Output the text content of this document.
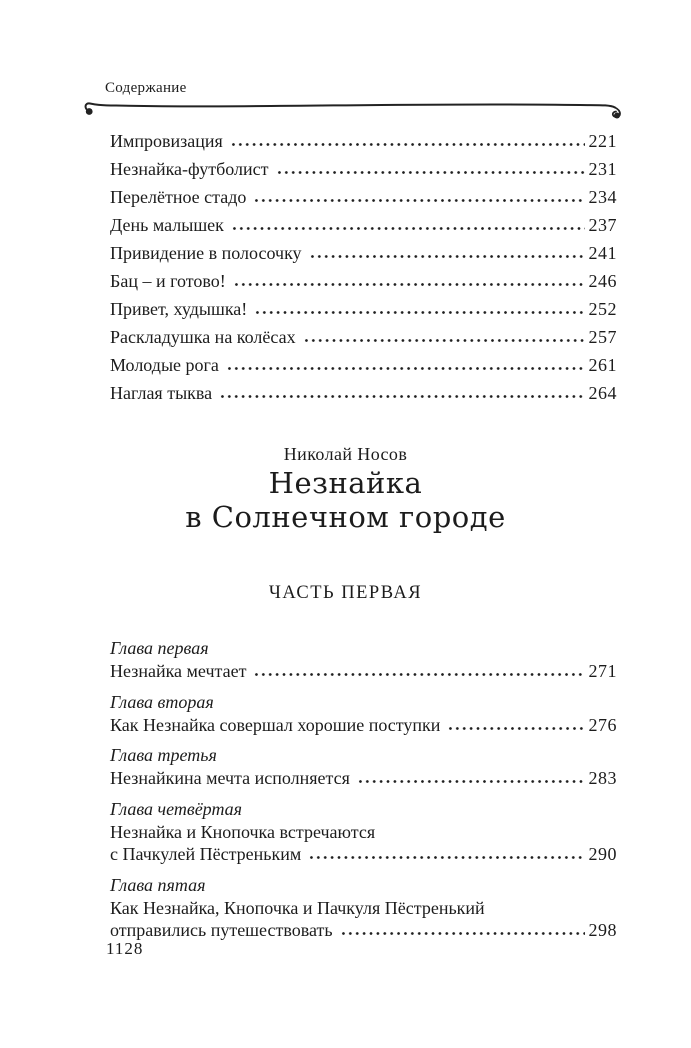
Содержание
Импровизация	221
Незнайка-футболист	231
Перелётное стадо	234
День малышек	237
Привидение в полосочку	241
Бац – и готово!	246
Привет, худышка!	252
Раскладушка на колёсах	257
Молодые рога	261
Наглая тыква	264
Николай Носов
Незнайка
в Солнечном городе
ЧАСТЬ ПЕРВАЯ
Глава первая
Незнайка мечтает	271
Глава вторая
Как Незнайка совершал хорошие поступки	276
Глава третья
Незнайкина мечта исполняется	283
Глава четвёртая
Незнайка и Кнопочка встречаются
с Пачкулей Пёстреньким	290
Глава пятая
Как Незнайка, Кнопочка и Пачкуля Пёстренький
отправились путешествовать	298
1128
